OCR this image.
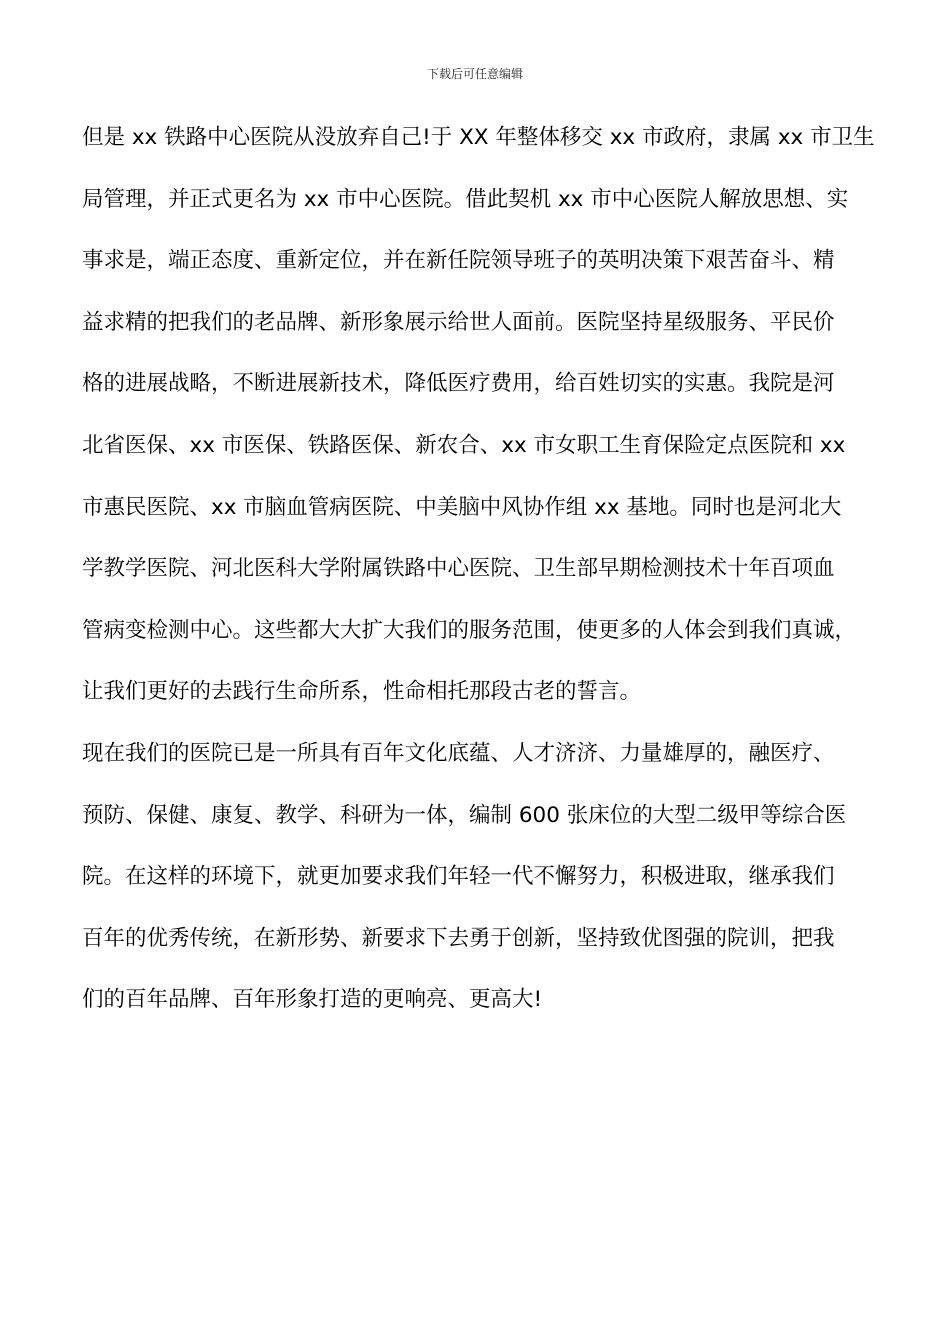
下载后可任意编辑
但是 xx 铁路中心医院从没放弃自己!于 XX 年整体移交 xx 市政府，隶属 xx 市卫生
局管理，并正式更名为 xx 市中心医院。借此契机 xx 市中心医院人解放思想、实
事求是，端正态度、重新定位，并在新任院领导班子的英明决策下艰苦奋斗、精
益求精的把我们的老品牌、新形象展示给世人面前。医院坚持星级服务、平民价
格的进展战略，不断进展新技术，降低医疗费用，给百姓切实的实惠。我院是河
北省医保、xx 市医保、铁路医保、新农合、xx 市女职工生育保险定点医院和 xx
市惠民医院、xx 市脑血管病医院、中美脑中风协作组 xx 基地。同时也是河北大
学教学医院、河北医科大学附属铁路中心医院、卫生部早期检测技术十年百项血
管病变检测中心。这些都大大扩大我们的服务范围，使更多的人体会到我们真诚，
让我们更好的去践行生命所系，性命相托那段古老的誓言。
现在我们的医院已是一所具有百年文化底蕴、人才济济、力量雄厚的，融医疗、
预防、保健、康复、教学、科研为一体，编制 600 张床位的大型二级甲等综合医
院。在这样的环境下，就更加要求我们年轻一代不懈努力，积极进取，继承我们
百年的优秀传统，在新形势、新要求下去勇于创新，坚持致优图强的院训，把我
们的百年品牌、百年形象打造的更响亮、更高大!
